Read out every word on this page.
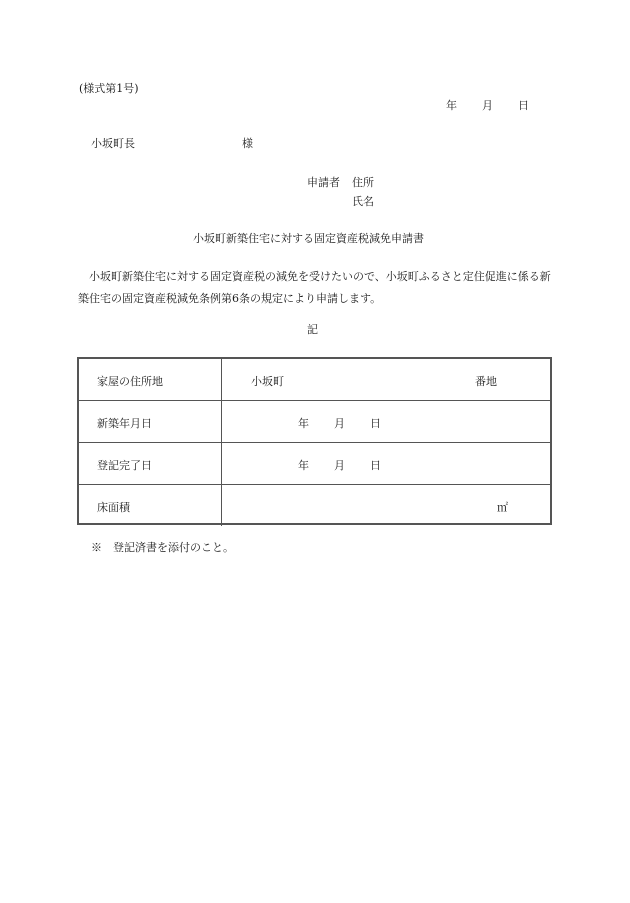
(様式第1号)
年 月 日
小坂町長	様
申請者 住所
氏名
小坂町新築住宅に対する固定資産税減免申請書
小坂町新築住宅に対する固定資産税の減免を受けたいので、小坂町ふるさと定住促進に係る新築住宅の固定資産税減免条例第6条の規定により申請します。
記
家屋の住所地	小坂町	番地
新築年月日	年 月 日
登記完了日	年 月 日
床面積	㎡
※　登記済書を添付のこと。
